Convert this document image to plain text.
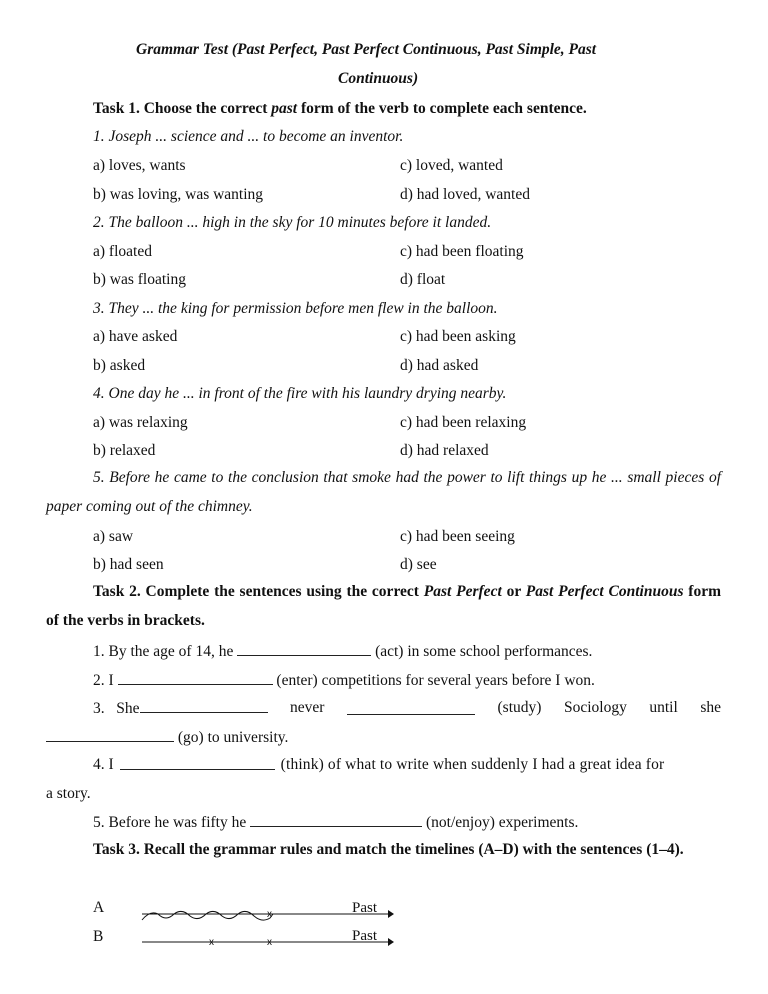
Grammar Test (Past Perfect, Past Perfect Continuous, Past Simple, Past
Continuous)
Task 1. Choose the correct past form of the verb to complete each sentence.
1. Joseph ... science and ... to become an inventor.
a) loves, wants	c) loved, wanted
b) was loving, was wanting	d) had loved, wanted
2. The balloon ... high in the sky for 10 minutes before it landed.
a) floated	c) had been floating
b) was floating	d) float
3. They ... the king for permission before men flew in the balloon.
a) have asked	c) had been asking
b) asked	d) had asked
4. One day he ... in front of the fire with his laundry drying nearby.
a) was relaxing	c) had been relaxing
b) relaxed	d) had relaxed
5. Before he came to the conclusion that smoke had the power to lift things up he ... small pieces of paper coming out of the chimney.
a) saw	c) had been seeing
b) had seen	d) see
Task 2. Complete the sentences using the correct Past Perfect or Past Perfect Continuous form of the verbs in brackets.
1. By the age of 14, he	(act) in some school performances.
2. I	(enter) competitions for several years before I won.
3. She	never	(study) Sociology until she
(go) to university.
4. I	(think) of what to write when suddenly I had a great idea for
a story.
5. Before he was fifty he	(not/enjoy) experiments.
Task 3. Recall the grammar rules and match the timelines (A–D) with the sentences (1–4).
A	x	Past
B	x	x	Past
